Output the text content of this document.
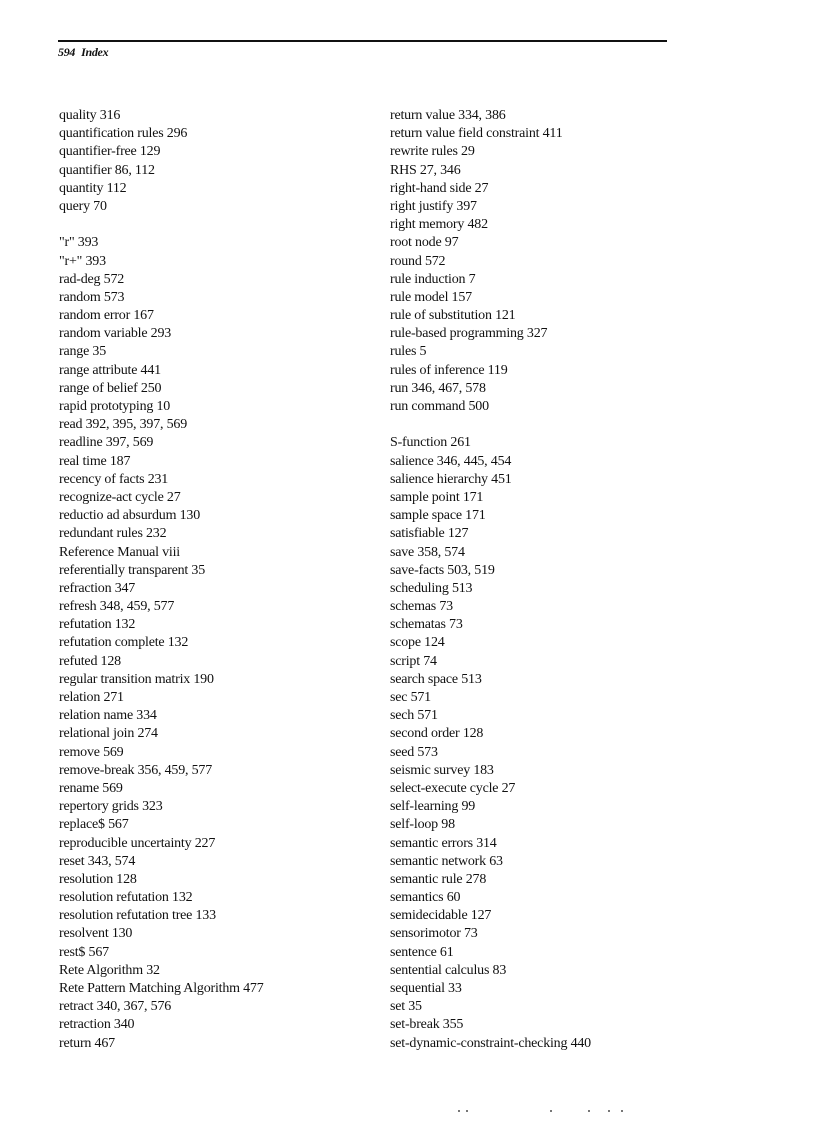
594 Index
quality 316
quantification rules 296
quantifier-free 129
quantifier 86, 112
quantity 112
query 70
"r" 393
"r+" 393
rad-deg 572
random 573
random error 167
random variable 293
range 35
range attribute 441
range of belief 250
rapid prototyping 10
read 392, 395, 397, 569
readline 397, 569
real time 187
recency of facts 231
recognize-act cycle 27
reductio ad absurdum 130
redundant rules 232
Reference Manual viii
referentially transparent 35
refraction 347
refresh 348, 459, 577
refutation 132
refutation complete 132
refuted 128
regular transition matrix 190
relation 271
relation name 334
relational join 274
remove 569
remove-break 356, 459, 577
rename 569
repertory grids 323
replace$ 567
reproducible uncertainty 227
reset 343, 574
resolution 128
resolution refutation 132
resolution refutation tree 133
resolvent 130
rest$ 567
Rete Algorithm 32
Rete Pattern Matching Algorithm 477
retract 340, 367, 576
retraction 340
return 467
return value 334, 386
return value field constraint 411
rewrite rules 29
RHS 27, 346
right-hand side 27
right justify 397
right memory 482
root node 97
round 572
rule induction 7
rule model 157
rule of substitution 121
rule-based programming 327
rules 5
rules of inference 119
run 346, 467, 578
run command 500
S-function 261
salience 346, 445, 454
salience hierarchy 451
sample point 171
sample space 171
satisfiable 127
save 358, 574
save-facts 503, 519
scheduling 513
schemas 73
schematas 73
scope 124
script 74
search space 513
sec 571
sech 571
second order 128
seed 573
seismic survey 183
select-execute cycle 27
self-learning 99
self-loop 98
semantic errors 314
semantic network 63
semantic rule 278
semantics 60
semidecidable 127
sensorimotor 73
sentence 61
sentential calculus 83
sequential 33
set 35
set-break 355
set-dynamic-constraint-checking 440
